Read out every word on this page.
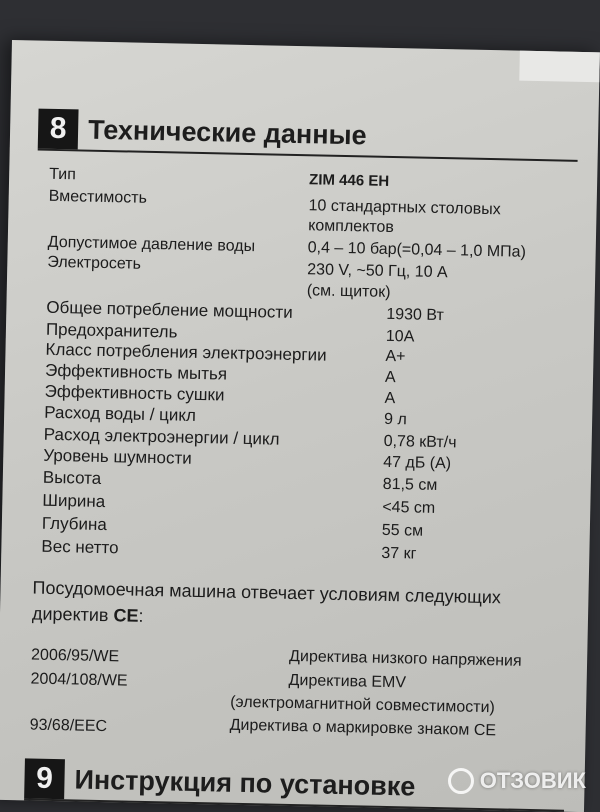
8 Технические данные
Тип	ZIM 446 EH
Вместимость	10 стандартных столовых
комплектов
Допустимое давление воды	0,4 – 10 бар(=0,04 – 1,0 МПа)
Электросеть	230 V, ~50 Гц, 10 A
(см. щиток)
Общее потребление мощности	1930 Вт
Предохранитель	10А
Класс потребления электроэнергии	А+
Эффективность мытья	А
Эффективность сушки	А
Расход воды / цикл	9 л
Расход электроэнергии / цикл	0,78 кВт/ч
Уровень шумности	47 дБ (А)
Высота	81,5 см
Ширина	<45 cm
Глубина	55 см
Вес нетто	37 кг
Посудомоечная машина отвечает условиям следующих
директив CE:
2006/95/WE	Директива низкого напряжения
2004/108/WE	Директива EMV
(электромагнитной совместимости)
93/68/EEC	Директива о маркировке знаком CE
9 Инструкция по установке	ОТЗОВИК
